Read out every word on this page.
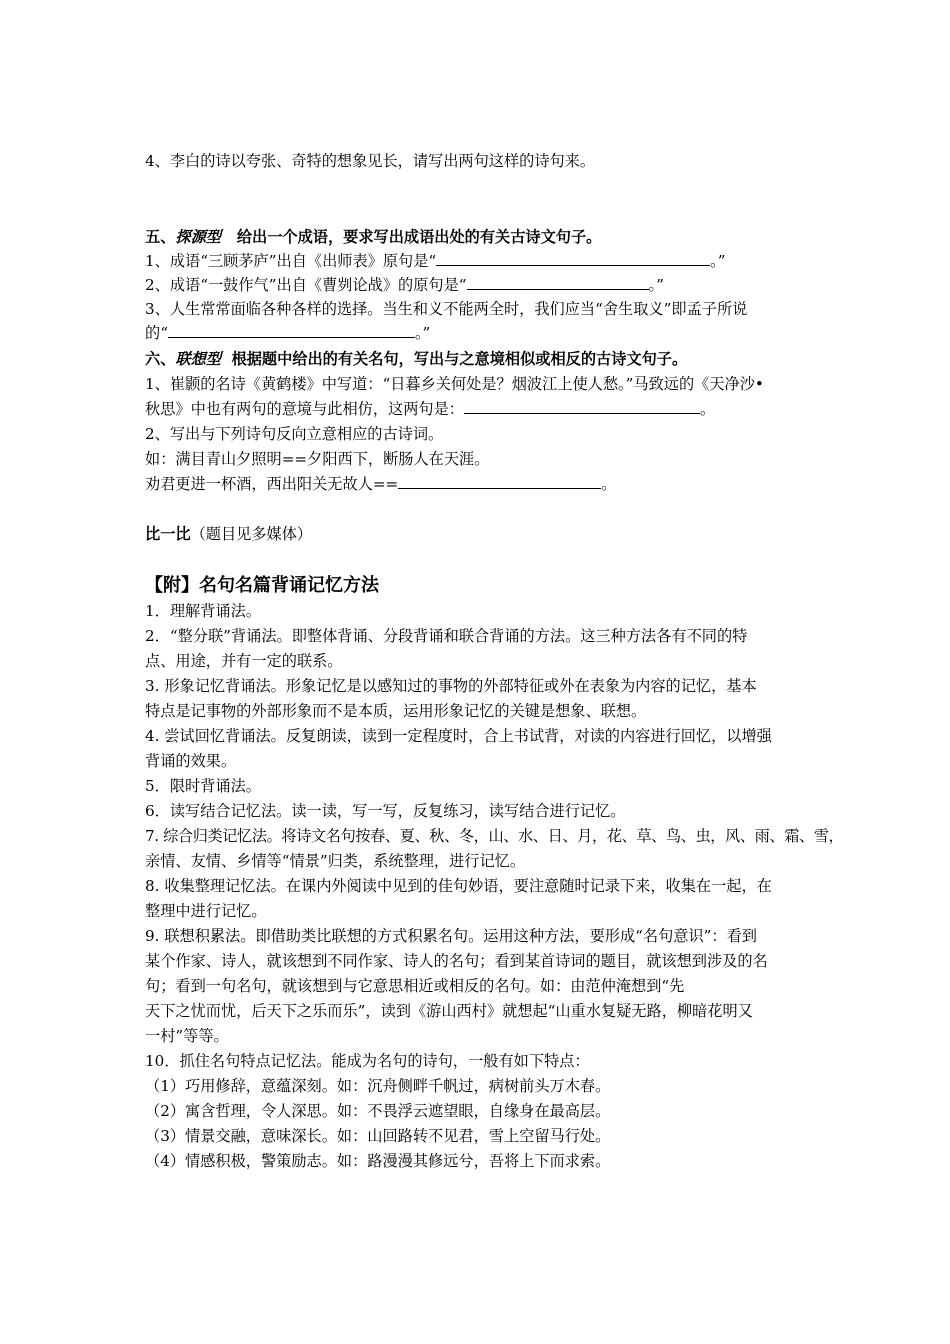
4、李白的诗以夸张、奇特的想象见长，请写出两句这样的诗句来。
五、探源型 给出一个成语，要求写出成语出处的有关古诗文句子。
1、成语“三顾茅庐”出自《出师表》原句是“	。”
2、成语“一鼓作气”出自《曹刿论战》的原句是“	。”
3、人生常常面临各种各样的选择。当生和义不能两全时，我们应当“舍生取义”即孟子所说
的“	。”
六、联想型 根据题中给出的有关名句，写出与之意境相似或相反的古诗文句子。
1、崔颢的名诗《黄鹤楼》中写道：“日暮乡关何处是？烟波江上使人愁。”马致远的《天净沙•
秋思》中也有两句的意境与此相仿，这两句是：	。
2、写出与下列诗句反向立意相应的古诗词。
如：满目青山夕照明==夕阳西下，断肠人在天涯。
劝君更进一杯酒，西出阳关无故人==	。
比一比（题目见多媒体）
【附】名句名篇背诵记忆方法
1．理解背诵法。
2．“整分联”背诵法。即整体背诵、分段背诵和联合背诵的方法。这三种方法各有不同的特
点、用途，并有一定的联系。
3. 形象记忆背诵法。形象记忆是以感知过的事物的外部特征或外在表象为内容的记忆，基本
特点是记事物的外部形象而不是本质，运用形象记忆的关键是想象、联想。
4. 尝试回忆背诵法。反复朗读，读到一定程度时，合上书试背，对读的内容进行回忆，以增强
背诵的效果。
5．限时背诵法。
6．读写结合记忆法。读一读，写一写，反复练习，读写结合进行记忆。
7. 综合归类记忆法。将诗文名句按春、夏、秋、冬，山、水、日、月，花、草、鸟、虫，风、雨、霜、雪，
亲情、友情、乡情等“情景”归类，系统整理，进行记忆。
8. 收集整理记忆法。在课内外阅读中见到的佳句妙语，要注意随时记录下来，收集在一起，在
整理中进行记忆。
9. 联想积累法。即借助类比联想的方式积累名句。运用这种方法，要形成“名句意识”：看到
某个作家、诗人，就该想到不同作家、诗人的名句；看到某首诗词的题目，就该想到涉及的名
句；看到一句名句，就该想到与它意思相近或相反的名句。如：由范仲淹想到“先
天下之忧而忧，后天下之乐而乐”，读到《游山西村》就想起“山重水复疑无路，柳暗花明又
一村”等等。
10．抓住名句特点记忆法。能成为名句的诗句，一般有如下特点：
（1）巧用修辞，意蕴深刻。如：沉舟侧畔千帆过，病树前头万木春。
（2）寓含哲理，令人深思。如：不畏浮云遮望眼，自缘身在最高层。
（3）情景交融，意味深长。如：山回路转不见君，雪上空留马行处。
（4）情感积极，警策励志。如：路漫漫其修远兮，吾将上下而求索。
